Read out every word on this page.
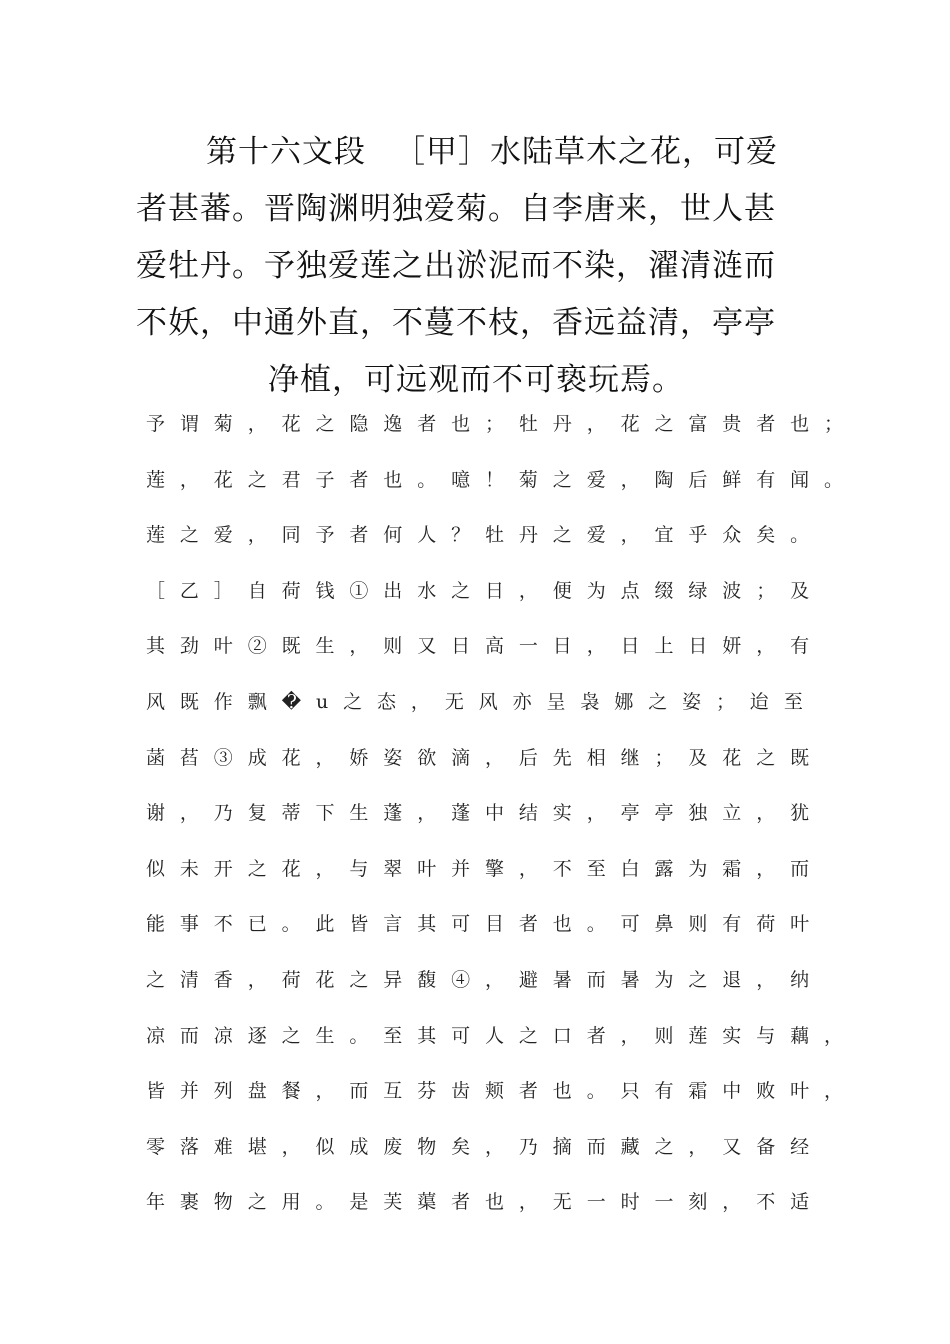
第十六文段 ［甲］水陆草木之花，可爱
者甚蕃。晋陶渊明独爱菊。自李唐来，世人甚
爱牡丹。予独爱莲之出淤泥而不染，濯清涟而
不妖，中通外直，不蔓不枝，香远益清，亭亭
净植，可远观而不可亵玩焉。
予谓菊，花之隐逸者也；牡丹，花之富贵者也；
莲，花之君子者也。噫！菊之爱，陶后鲜有闻。
莲之爱，同予者何人？牡丹之爱，宜乎众矣。
［乙］自荷钱①出水之日，便为点缀绿波；及
其劲叶②既生，则又日高一日，日上日妍，有
风既作飘�u之态，无风亦呈袅娜之姿；迨至
菡萏③成花，娇姿欲滴，后先相继；及花之既
谢，乃复蒂下生蓬，蓬中结实，亭亭独立，犹
似未开之花，与翠叶并擎，不至白露为霜，而
能事不已。此皆言其可目者也。可鼻则有荷叶
之清香，荷花之异馥④，避暑而暑为之退，纳
凉而凉逐之生。至其可人之口者，则莲实与藕，
皆并列盘餐，而互芬齿颊者也。只有霜中败叶，
零落难堪，似成废物矣，乃摘而藏之，又备经
年裹物之用。是芙蕖者也，无一时一刻，不适
